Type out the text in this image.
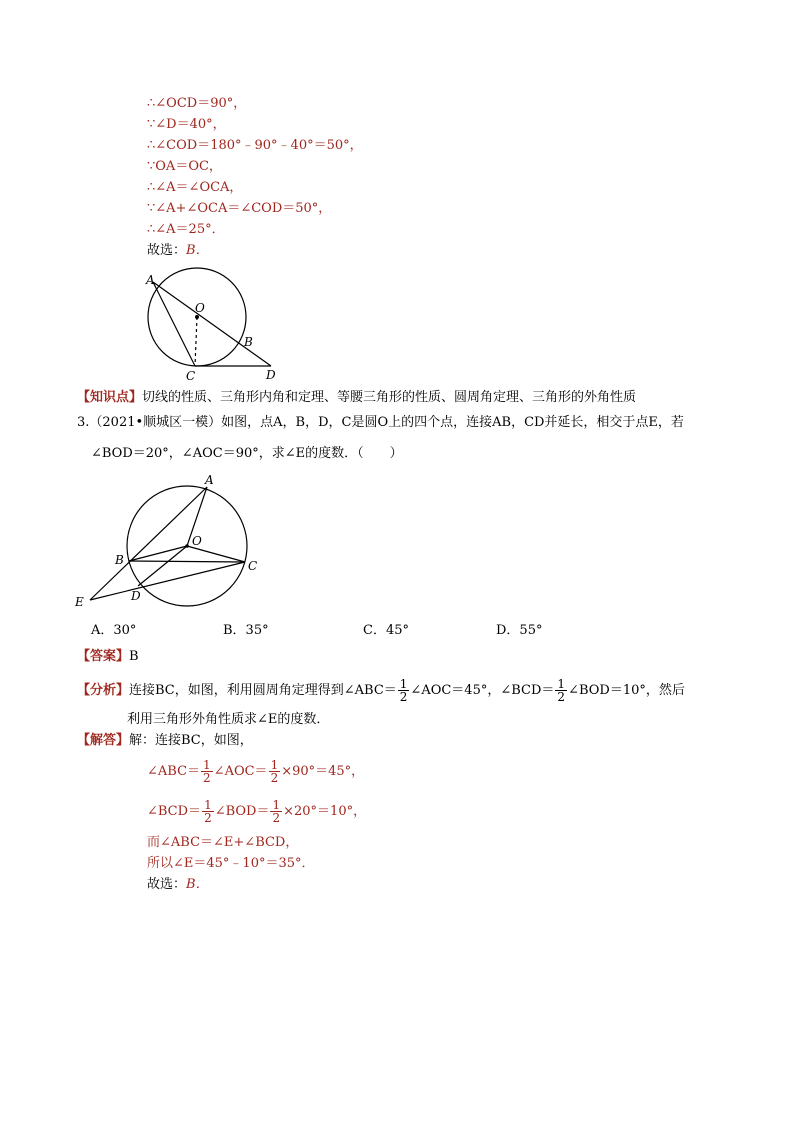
∴∠OCD＝90°，
∵∠D＝40°，
∴∠COD＝180°﹣90°﹣40°＝50°，
∵OA＝OC，
∴∠A＝∠OCA，
∵∠A+∠OCA＝∠COD＝50°，
∴∠A＝25°．
故选：B．
A
O
B
C	D
【知识点】切线的性质、三角形内角和定理、等腰三角形的性质、圆周角定理、三角形的外角性质
3.（2021•顺城区一模）如图，点A，B，D，C是圆O上的四个点，连接AB，CD并延长，相交于点E，若
∠BOD＝20°，∠AOC＝90°，求∠E的度数．（　　）
A
O
B	C
D
E
A．30°	B．35°	C．45°	D．55°
【答案】B
【分析】连接BC，如图，利用圆周角定理得到∠ABC＝ $\frac{1}{2}$ ∠AOC＝45°，∠BCD＝ $\frac{1}{2}$ ∠BOD＝10°，然后
利用三角形外角性质求∠E的度数．
【解答】解：连接BC，如图，
∠ABC＝ $\frac{1}{2}$ ∠AOC＝ $\frac{1}{2} \times 90^\circ=45^\circ$，
∠BCD＝ $\frac{1}{2}$ ∠BOD＝ $\frac{1}{2} \times 20^\circ=10^\circ$，
而∠ABC＝∠E+∠BCD，
所以∠E＝45°﹣10°＝35°．
故选：B．
